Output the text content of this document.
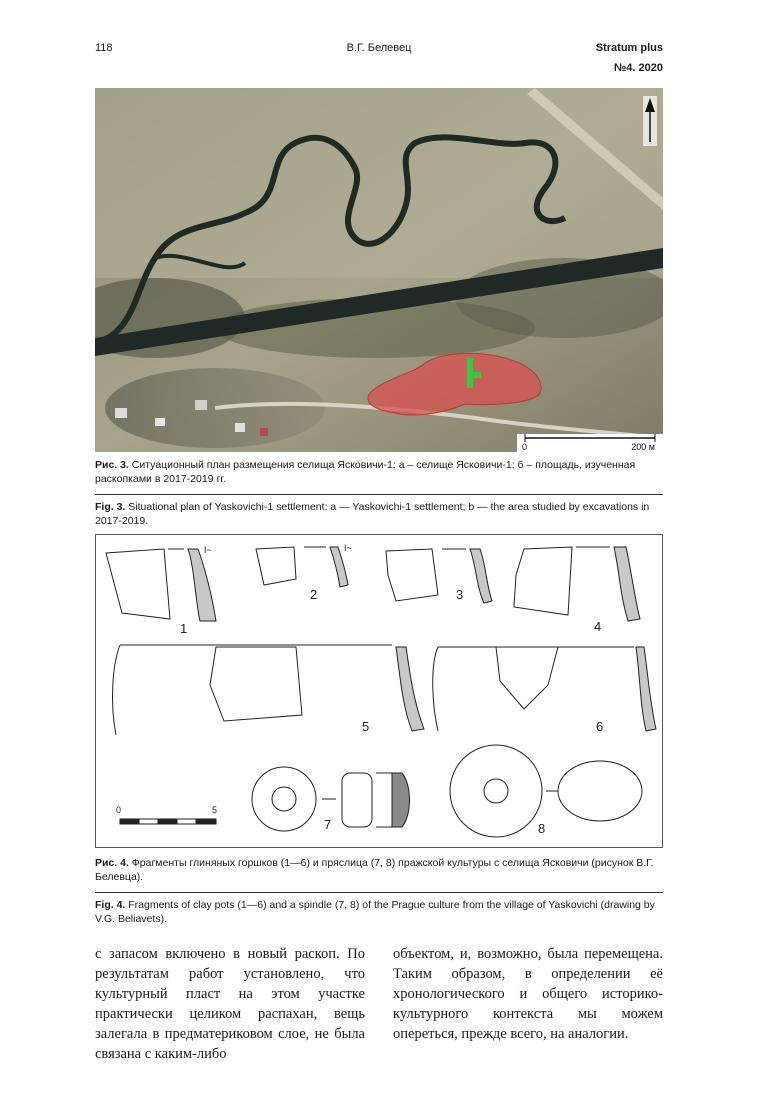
118	В.Г. Белевец	Stratum plus
№4. 2020
0	200 м
Рис. 3. Ситуационный план размещения селища Ясковичи-1: а – селище Ясковичи-1; б – площадь, изученная раскопками в 2017-2019 гг.
Fig. 3. Situational plan of Yaskovichi-1 settlement: a — Yaskovichi-1 settlement; b — the area studied by excavations in 2017-2019.
I~
1
I~
2	3
4
5	6
7	8
0	5
Рис. 4. Фрагменты глиняных горшков (1—6) и пряслица (7, 8) пражской культуры с селища Ясковичи (рисунок В.Г. Белевца).
Fig. 4. Fragments of clay pots (1—6) and a spindle (7, 8) of the Prague culture from the village of Yaskovichi (drawing by V.G. Beliavets).
с запасом включено в новый раскоп. По результатам работ установлено, что культурный пласт на этом участке практически целиком распахан, вещь залегала в предматериковом слое, не была связана с каким-либо
объектом, и, возможно, была перемещена. Таким образом, в определении её хронологического и общего историко-культурного контекста мы можем опереться, прежде всего, на аналогии.
